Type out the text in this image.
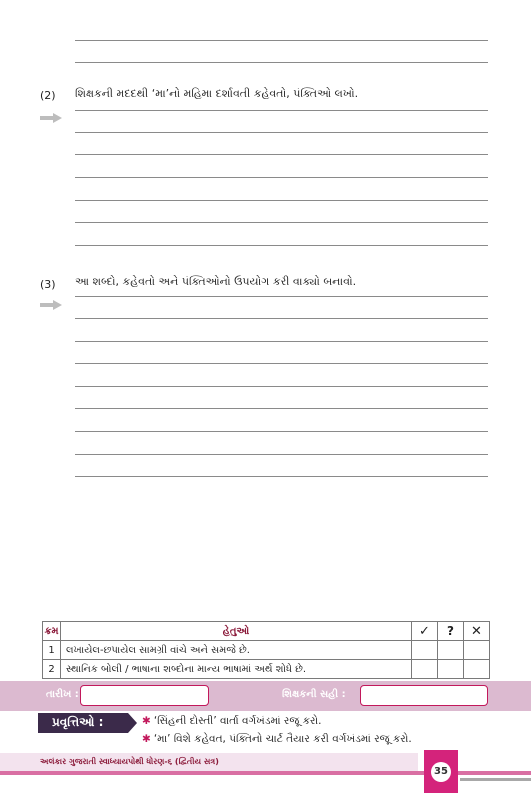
(2) શિક્ષકની મદદથી ‘મા’નો મહિમા દર્શાવતી કહેવતો, પંક્તિઓ લખો.
(3) આ શબ્દો, કહેવતો અને પંક્તિઓનો ઉપયોગ કરી વાક્યો બનાવો.
ક્રમ	હેતુઓ	✓	?	✕
1	લખાયેલ-છપાયેલ સામગ્રી વાંચે અને સમજે છે.			
2	સ્થાનિક બોલી / ભાષાના શબ્દોના માન્ય ભાષામાં અર્થ શોધે છે.			
તારીખ :	શિક્ષકની સહી :
પ્રવૃત્તિઓ :	✱ ‘સિંહની દોસ્તી’ વાર્તા વર્ગખંડમાં રજૂ કરો.
✱ ‘મા’ વિશે કહેવત, પંક્તિનો ચાર્ટ તૈયાર કરી વર્ગખંડમાં રજૂ કરો.
અલંકાર ગુજરાતી સ્વાધ્યાયપોથી ધોરણ-૬ (દ્વિતીય સત્ર)
35
